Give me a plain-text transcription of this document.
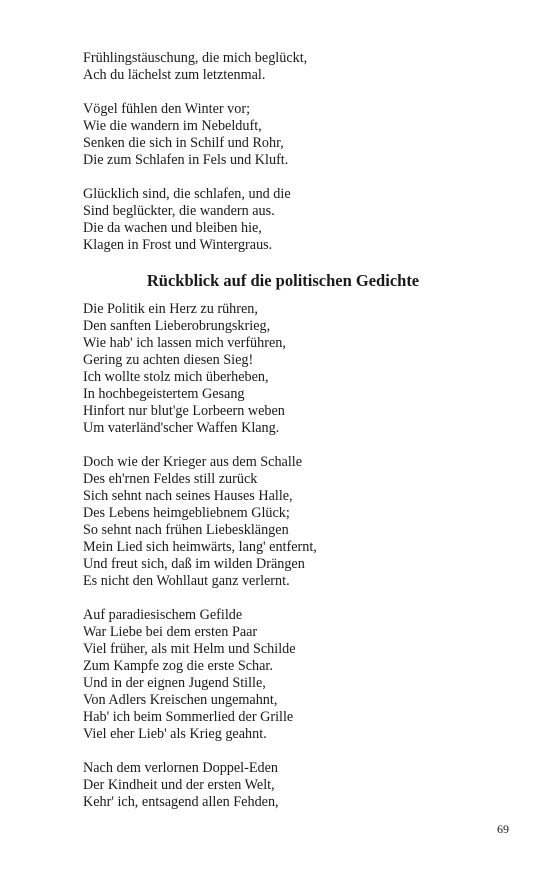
Frühlingstäuschung, die mich beglückt,
Ach du lächelst zum letztenmal.
Vögel fühlen den Winter vor;
Wie die wandern im Nebelduft,
Senken die sich in Schilf und Rohr,
Die zum Schlafen in Fels und Kluft.
Glücklich sind, die schlafen, und die
Sind beglückter, die wandern aus.
Die da wachen und bleiben hie,
Klagen in Frost und Wintergraus.
Rückblick auf die politischen Gedichte
Die Politik ein Herz zu rühren,
Den sanften Lieberobrungskrieg,
Wie hab' ich lassen mich verführen,
Gering zu achten diesen Sieg!
Ich wollte stolz mich überheben,
In hochbegeistertem Gesang
Hinfort nur blut'ge Lorbeern weben
Um vaterländ'scher Waffen Klang.
Doch wie der Krieger aus dem Schalle
Des eh'rnen Feldes still zurück
Sich sehnt nach seines Hauses Halle,
Des Lebens heimgebliebnem Glück;
So sehnt nach frühen Liebesklängen
Mein Lied sich heimwärts, lang' entfernt,
Und freut sich, daß im wilden Drängen
Es nicht den Wohllaut ganz verlernt.
Auf paradiesischem Gefilde
War Liebe bei dem ersten Paar
Viel früher, als mit Helm und Schilde
Zum Kampfe zog die erste Schar.
Und in der eignen Jugend Stille,
Von Adlers Kreischen ungemahnt,
Hab' ich beim Sommerlied der Grille
Viel eher Lieb' als Krieg geahnt.
Nach dem verlornen Doppel-Eden
Der Kindheit und der ersten Welt,
Kehr' ich, entsagend allen Fehden,
69
